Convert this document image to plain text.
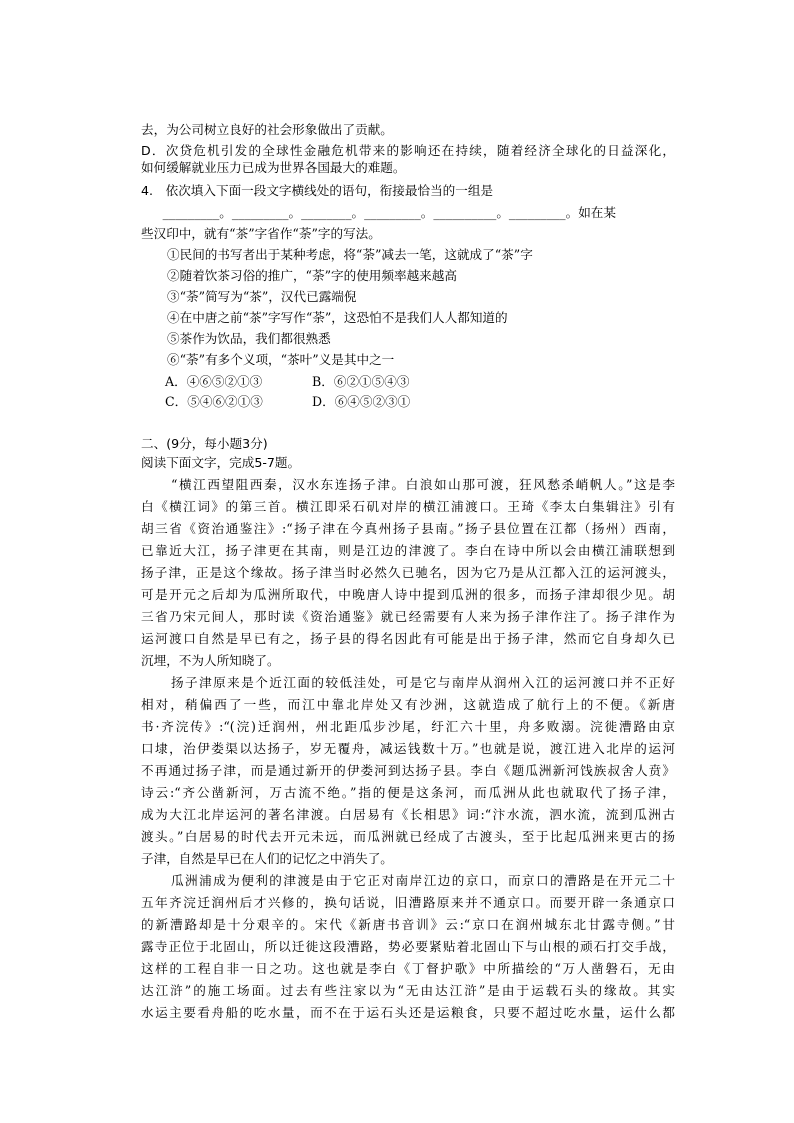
去，为公司树立良好的社会形象做出了贡献。
D．次贷危机引发的全球性金融危机带来的影响还在持续，随着经济全球化的日益深化，
如何缓解就业压力已成为世界各国最大的难题。
4.　依次填入下面一段文字横线处的语句，衔接最恰当的一组是
　_________。_________。________。_________。__________。_________。如在某
些汉印中，就有“茶”字省作“荼”字的写法。
①民间的书写者出于某种考虑，将“荼”减去一笔，这就成了“茶”字
②随着饮茶习俗的推广，“荼”字的使用频率越来越高
③“荼”简写为“茶”，汉代已露端倪
④在中唐之前“茶”字写作“荼”，这恐怕不是我们人人都知道的
⑤茶作为饮品，我们都很熟悉
⑥“荼”有多个义项，“茶叶”义是其中之一
A．④⑥⑤②①③	B．⑥②①⑤④③
C．⑤④⑥②①③	D．⑥④⑤②③①
二、(9分，每小题3分)
阅读下面文字，完成5-7题。
“横江西望阻西秦，汉水东连扬子津。白浪如山那可渡，狂风愁杀峭帆人。”这是李
白《横江词》的第三首。横江即采石矶对岸的横江浦渡口。王琦《李太白集辑注》引有
胡三省《资治通鉴注》:“扬子津在今真州扬子县南。”扬子县位置在江都（扬州）西南，
已靠近大江，扬子津更在其南，则是江边的津渡了。李白在诗中所以会由横江浦联想到
扬子津，正是这个缘故。扬子津当时必然久已驰名，因为它乃是从江都入江的运河渡头，
可是开元之后却为瓜洲所取代，中晚唐人诗中提到瓜洲的很多，而扬子津却很少见。胡
三省乃宋元间人，那时读《资治通鉴》就已经需要有人来为扬子津作注了。扬子津作为
运河渡口自然是早已有之，扬子县的得名因此有可能是出于扬子津，然而它自身却久已
沉埋，不为人所知晓了。
扬子津原来是个近江面的较低洼处，可是它与南岸从润州入江的运河渡口并不正好
相对，稍偏西了一些，而江中靠北岸处又有沙洲，这就造成了航行上的不便。《新唐
书·齐浣传》:“(浣)迁润州，州北距瓜步沙尾，纡汇六十里，舟多败溺。浣徙漕路由京
口埭，治伊娄渠以达扬子，岁无覆舟，减运钱数十万。”也就是说，渡江进入北岸的运河
不再通过扬子津，而是通过新开的伊娄河到达扬子县。李白《题瓜洲新河饯族叔舍人贲》
诗云:“齐公凿新河，万古流不绝。”指的便是这条河，而瓜洲从此也就取代了扬子津，
成为大江北岸运河的著名津渡。白居易有《长相思》词:“汴水流，泗水流，流到瓜洲古
渡头。”白居易的时代去开元未远，而瓜洲就已经成了古渡头，至于比起瓜洲来更古的扬
子津，自然是早已在人们的记忆之中消失了。
瓜洲浦成为便利的津渡是由于它正对南岸江边的京口，而京口的漕路是在开元二十
五年齐浣迁润州后才兴修的，换句话说，旧漕路原来并不通京口。而要开辟一条通京口
的新漕路却是十分艰辛的。宋代《新唐书音训》云:“京口在润州城东北甘露寺侧。”甘
露寺正位于北固山，所以迁徙这段漕路，势必要紧贴着北固山下与山根的顽石打交手战，
这样的工程自非一日之功。这也就是李白《丁督护歌》中所描绘的“万人凿磐石，无由
达江浒”的施工场面。过去有些注家以为“无由达江浒”是由于运载石头的缘故。其实
水运主要看舟船的吃水量，而不在于运石头还是运粮食，只要不超过吃水量，运什么都
